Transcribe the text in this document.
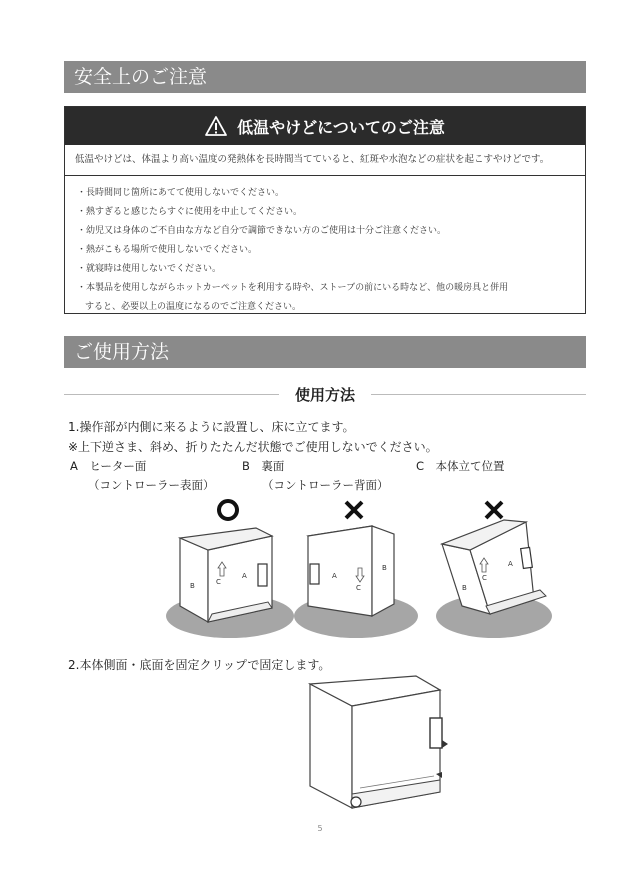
安全上のご注意
低温やけどについてのご注意
低温やけどは、体温より高い温度の発熱体を長時間当てていると、紅斑や水泡などの症状を起こすやけどです。
・長時間同じ箇所にあてて使用しないでください。
・熱すぎると感じたらすぐに使用を中止してください。
・幼児又は身体のご不自由な方など自分で調節できない方のご使用は十分ご注意ください。
・熱がこもる場所で使用しないでください。
・就寝時は使用しないでください。
・本製品を使用しながらホットカーペットを利用する時や、ストーブの前にいる時など、他の暖房具と併用
すると、必要以上の温度になるのでご注意ください。
ご使用方法
使用方法
1.操作部が内側に来るように設置し、床に立てます。
※上下逆さま、斜め、折りたたんだ状態でご使用しないでください。
A　ヒーター面
（コントローラー表面）
B　裏面
（コントローラー背面）
C　本体立て位置
B	C
A	A
C
B
B
C
A
2.本体側面・底面を固定クリップで固定します。
5
